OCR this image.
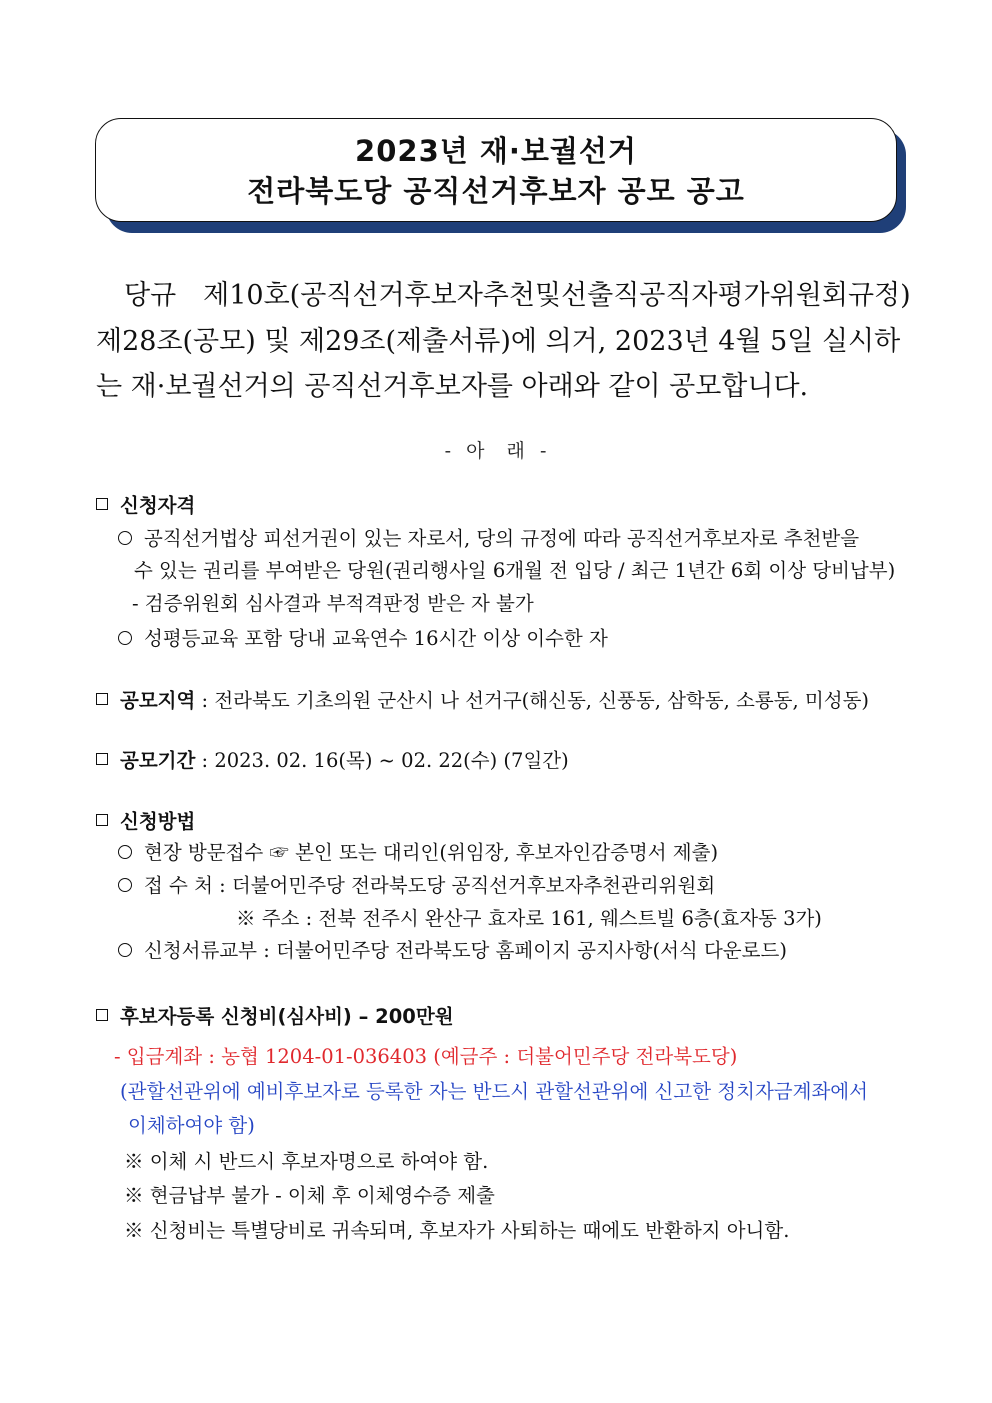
2023년 재·보궐선거
전라북도당 공직선거후보자 공모 공고
당규　제10호(공직선거후보자추천및선출직공직자평가위원회규정)
제28조(공모) 및 제29조(제출서류)에 의거, 2023년 4월 5일 실시하
는 재·보궐선거의 공직선거후보자를 아래와 같이 공모합니다.
-  아   래  -
신청자격
공직선거법상 피선거권이 있는 자로서, 당의 규정에 따라 공직선거후보자로 추천받을
수 있는 권리를 부여받은 당원(권리행사일 6개월 전 입당 / 최근 1년간 6회 이상 당비납부)
- 검증위원회 심사결과 부적격판정 받은 자 불가
성평등교육 포함 당내 교육연수 16시간 이상 이수한 자
공모지역 : 전라북도 기초의원 군산시 나 선거구(해신동, 신풍동, 삼학동, 소룡동, 미성동)
공모기간 : 2023. 02. 16(목) ~ 02. 22(수) (7일간)
신청방법
현장 방문접수 ☞ 본인 또는 대리인(위임장, 후보자인감증명서 제출)
접 수 처 : 더불어민주당 전라북도당 공직선거후보자추천관리위원회
※ 주소 : 전북 전주시 완산구 효자로 161, 웨스트빌 6층(효자동 3가)
신청서류교부 : 더불어민주당 전라북도당 홈페이지 공지사항(서식 다운로드)
후보자등록 신청비(심사비) – 200만원
- 입금계좌 : 농협 1204-01-036403 (예금주 : 더불어민주당 전라북도당)
(관할선관위에 예비후보자로 등록한 자는 반드시 관할선관위에 신고한 정치자금계좌에서
이체하여야 함)
※ 이체 시 반드시 후보자명으로 하여야 함.
※ 현금납부 불가 - 이체 후 이체영수증 제출
※ 신청비는 특별당비로 귀속되며, 후보자가 사퇴하는 때에도 반환하지 아니함.
